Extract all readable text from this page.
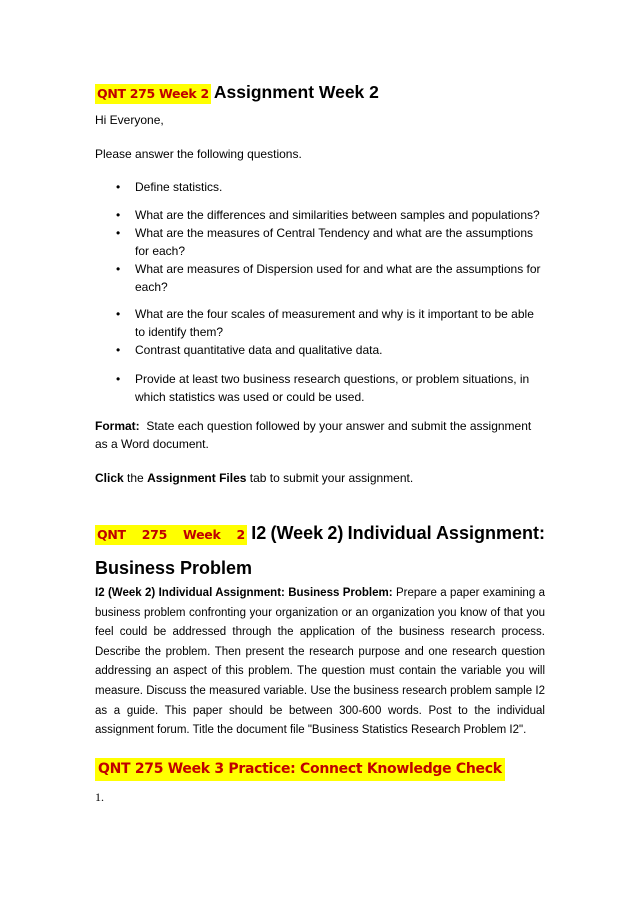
QNT 275 Week 2 Assignment Week 2
Hi Everyone,
Please answer the following questions.
• Define statistics.
• What are the differences and similarities between samples and populations?
• What are the measures of Central Tendency and what are the assumptions for each?
• What are measures of Dispersion used for and what are the assumptions for each?
• What are the four scales of measurement and why is it important to be able to identify them?
• Contrast quantitative data and qualitative data.
• Provide at least two business research questions, or problem situations, in which statistics was used or could be used.
Format: State each question followed by your answer and submit the assignment as a Word document.
Click the Assignment Files tab to submit your assignment.
QNT 275 Week 2 I2 (Week 2) Individual Assignment:
Business Problem
I2 (Week 2) Individual Assignment: Business Problem: Prepare a paper examining a business problem confronting your organization or an organization you know of that you feel could be addressed through the application of the business research process. Describe the problem. Then present the research purpose and one research question addressing an aspect of this problem. The question must contain the variable you will measure. Discuss the measured variable. Use the business research problem sample I2 as a guide. This paper should be between 300-600 words. Post to the individual assignment forum. Title the document file "Business Statistics Research Problem I2".
QNT 275 Week 3 Practice: Connect Knowledge Check
1.
